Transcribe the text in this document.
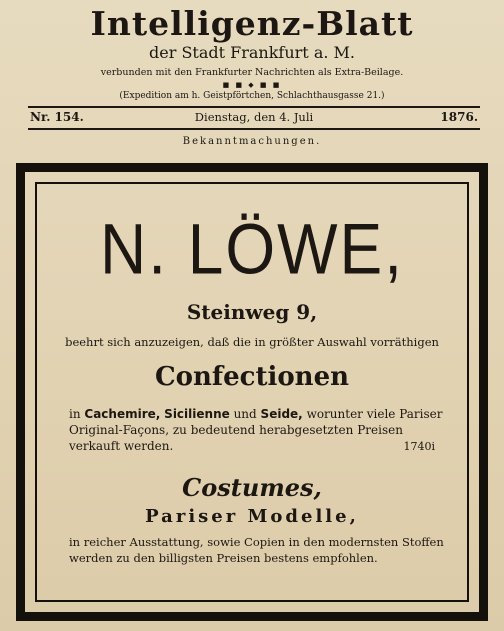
Intelligenz-Blatt
der Stadt Frankfurt a. M.
verbunden mit den Frankfurter Nachrichten als Extra-Beilage.
■ ■ ◆ ■ ■
(Expedition am h. Geistpförtchen, Schlachthausgasse 21.)
Nr. 154.	Dienstag, den 4. Juli	1876.
Bekanntmachungen.
N. LÖWE,
Steinweg 9,
beehrt sich anzuzeigen, daß die in größter Auswahl vorräthigen
Confectionen
in Cachemire, Sicilienne und Seide, worunter viele Pariser Original-Façons, zu bedeutend herabgesetzten Preisen verkauft werden.	1740i
Costumes,
Pariser Modelle,
in reicher Ausstattung, sowie Copien in den modernsten Stoffen werden zu den billigsten Preisen bestens empfohlen.
